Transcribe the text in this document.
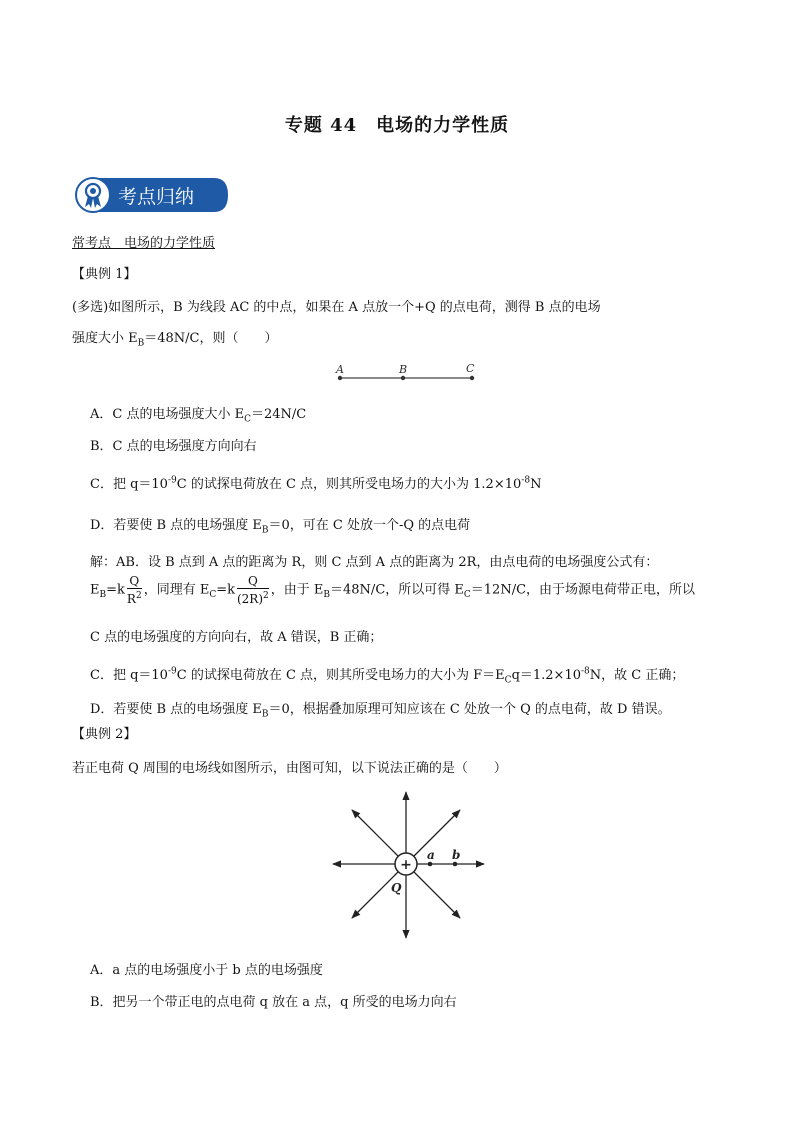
专题 44　电场的力学性质
考点归纳
常考点　电场的力学性质
【典例 1】
(多选)如图所示，B 为线段 AC 的中点，如果在 A 点放一个+Q 的点电荷，测得 B 点的电场
强度大小 $E_B=48N/C$，则（　　）
A	B	C
A．C 点的电场强度大小 $E_C=24N/C$
B．C 点的电场强度方向向右
C．把 $q=10^{-9}C$ 的试探电荷放在 C 点，则其所受电场力的大小为 $1.2\times 10^{-8}N$
D．若要使 B 点的电场强度 $E_B=0$，可在 C 处放一个-Q 的点电荷
解：AB．设 B 点到 A 点的距离为 R，则 C 点到 A 点的距离为 2R，由点电荷的电场强度公式有：
$E_B=k \frac{Q}{R^2}$ ，同理有 $E_C=k \frac{Q}{(2R)^2}$ ，由于 $E_B=48N/C$，所以可得 $E_C=12N/C$，由于场源电荷带正电，所以
C 点的电场强度的方向向右，故 A 错误，B 正确；
C．把 $q=10^{-9}C$ 的试探电荷放在 C 点，则其所受电场力的大小为 $F=E_Cq=1.2\times 10^{-8}N$，故 C 正确；
D．若要使 B 点的电场强度 $E_B=0$，根据叠加原理可知应该在 C 处放一个 Q 的点电荷，故 D 错误。
【典例 2】
若正电荷 Q 周围的电场线如图所示，由图可知，以下说法正确的是（　　）
+
Q
a b
A．a 点的电场强度小于 b 点的电场强度
B．把另一个带正电的点电荷 q 放在 a 点，q 所受的电场力向右
